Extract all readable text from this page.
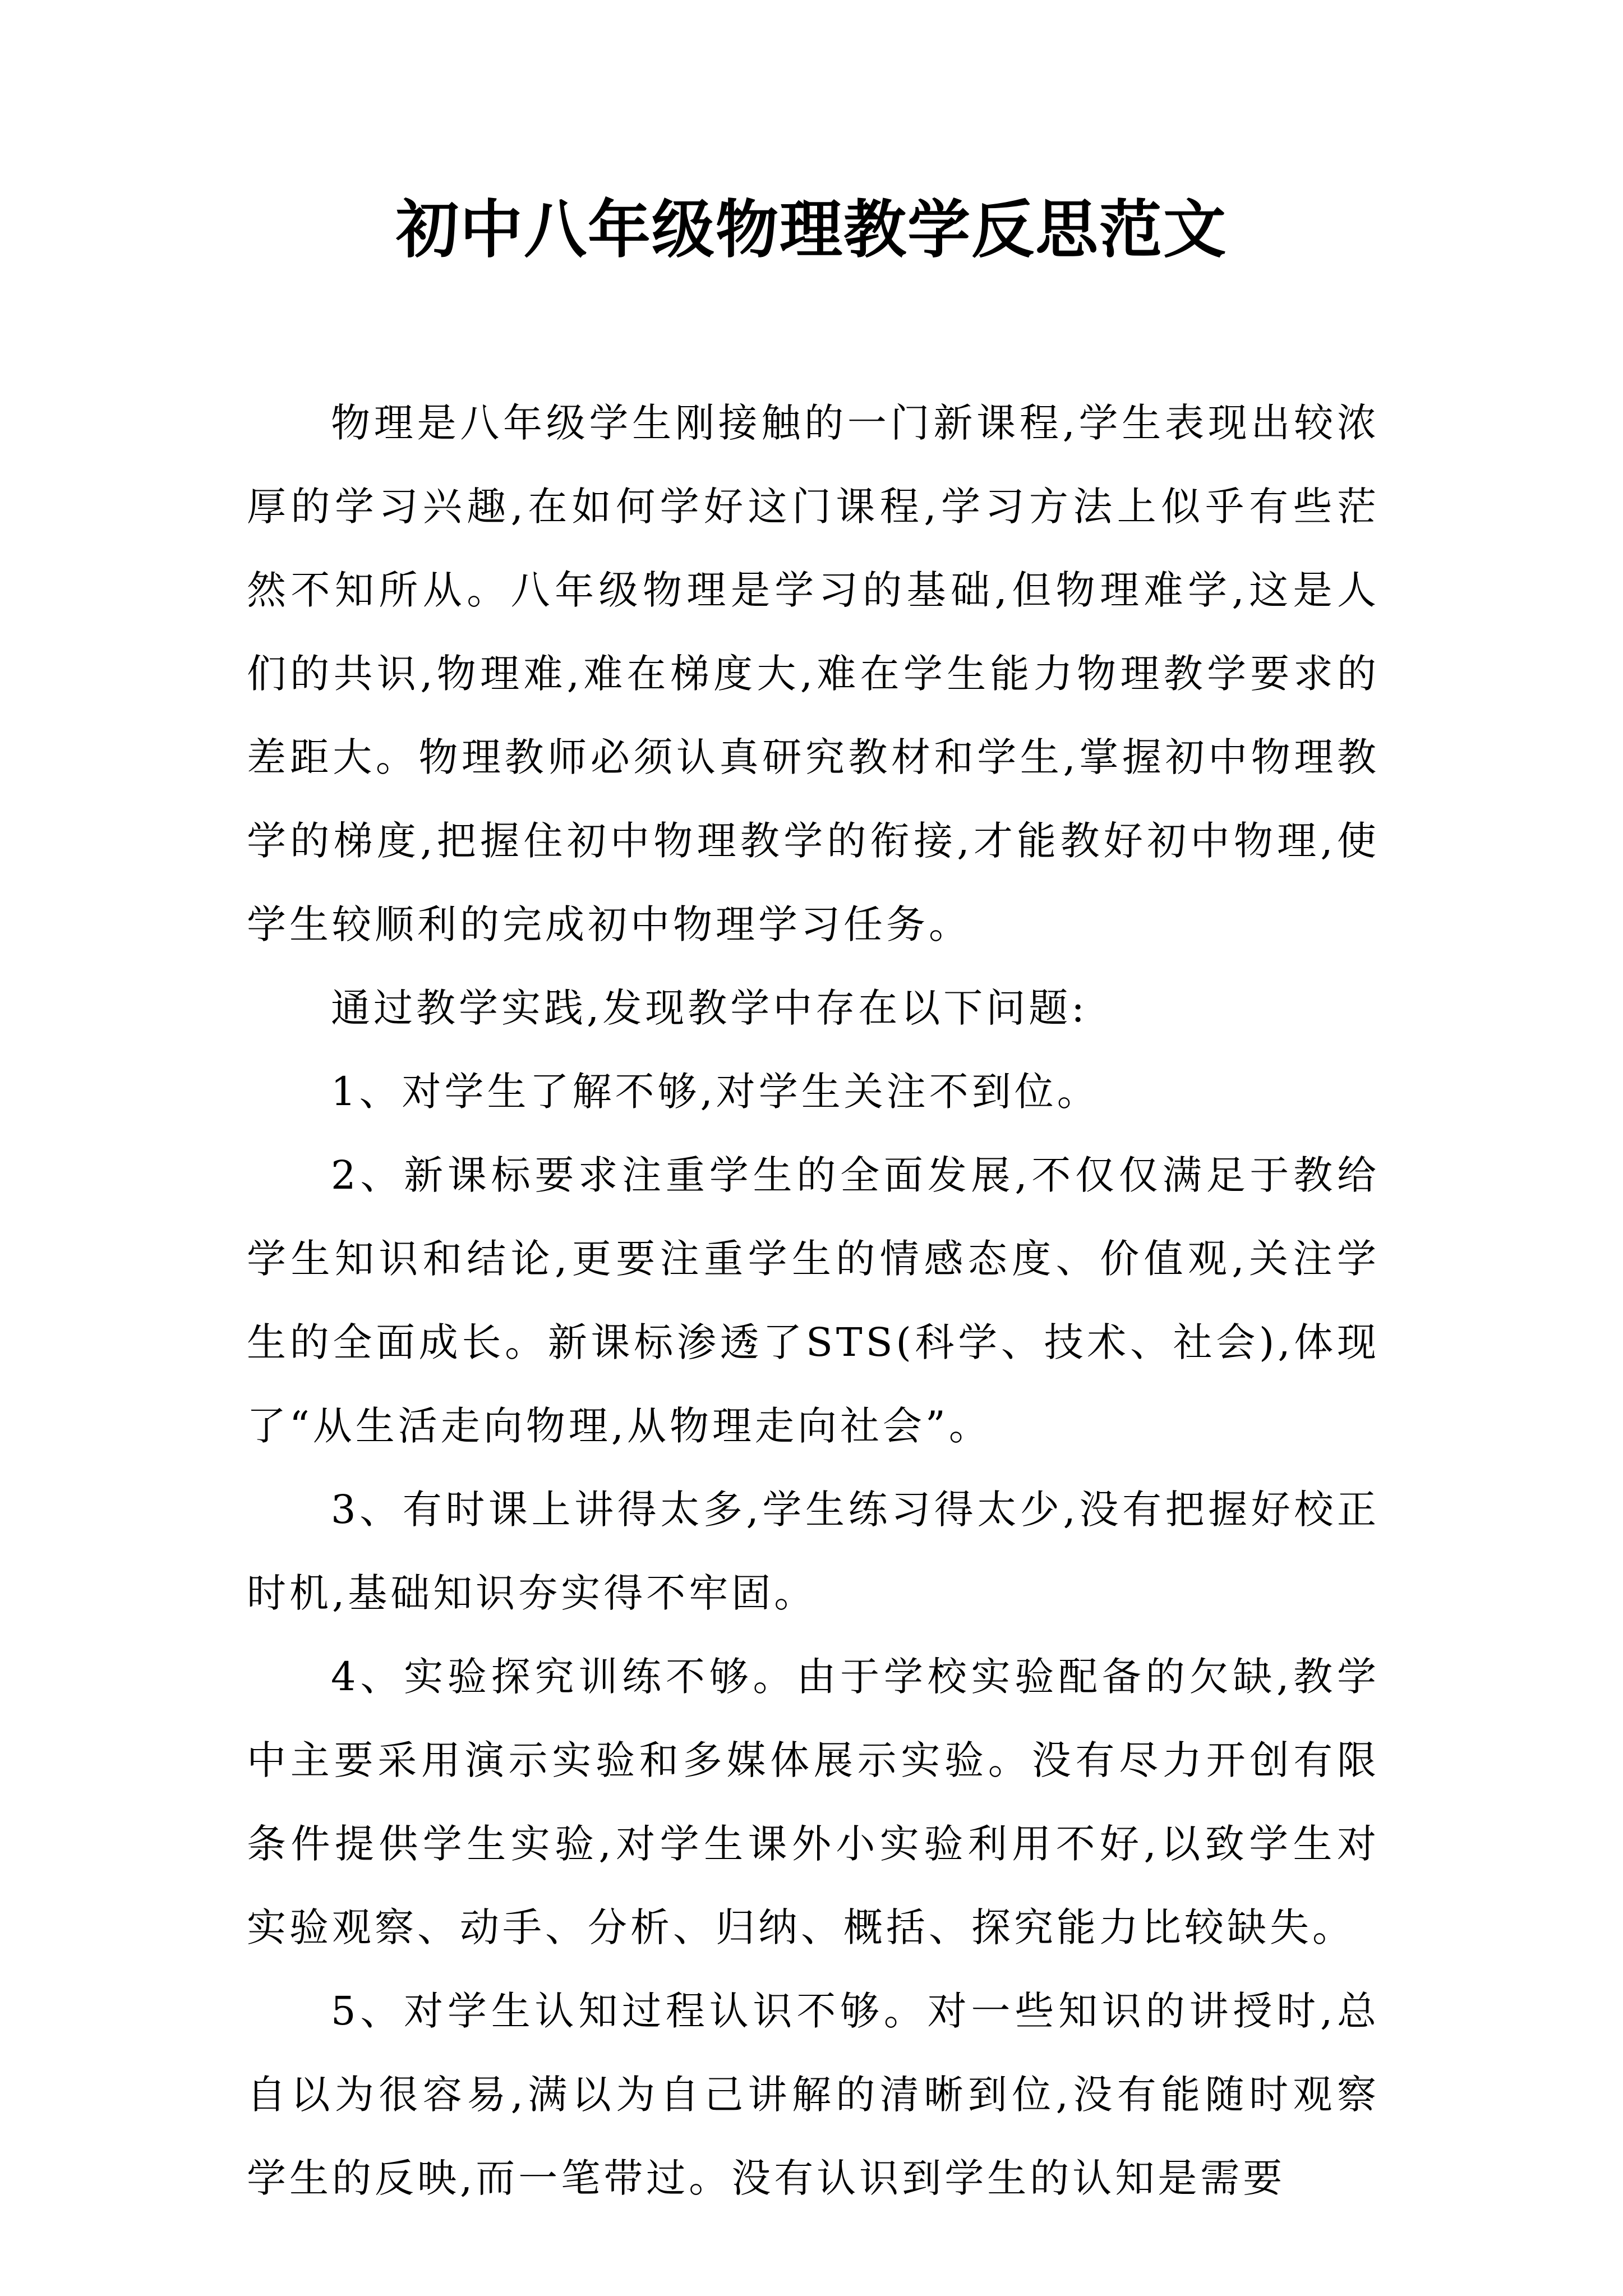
初中八年级物理教学反思范文

物理是八年级学生刚接触的一门新课程,学生表现出较浓厚的学习兴趣,在如何学好这门课程,学习方法上似乎有些茫然不知所从。八年级物理是学习的基础,但物理难学,这是人们的共识,物理难,难在梯度大,难在学生能力物理教学要求的差距大。物理教师必须认真研究教材和学生,掌握初中物理教学的梯度,把握住初中物理教学的衔接,才能教好初中物理,使学生较顺利的完成初中物理学习任务。

通过教学实践,发现教学中存在以下问题:

1、对学生了解不够,对学生关注不到位。

2、新课标要求注重学生的全面发展,不仅仅满足于教给学生知识和结论,更要注重学生的情感态度、价值观,关注学生的全面成长。新课标渗透了STS(科学、技术、社会),体现了“从生活走向物理,从物理走向社会”。

3、有时课上讲得太多,学生练习得太少,没有把握好校正时机,基础知识夯实得不牢固。

4、实验探究训练不够。由于学校实验配备的欠缺,教学中主要采用演示实验和多媒体展示实验。没有尽力开创有限条件提供学生实验,对学生课外小实验利用不好,以致学生对实验观察、动手、分析、归纳、概括、探究能力比较缺失。

5、对学生认知过程认识不够。对一些知识的讲授时,总自以为很容易,满以为自己讲解的清晰到位,没有能随时观察学生的反映,而一笔带过。没有认识到学生的认知是需要
